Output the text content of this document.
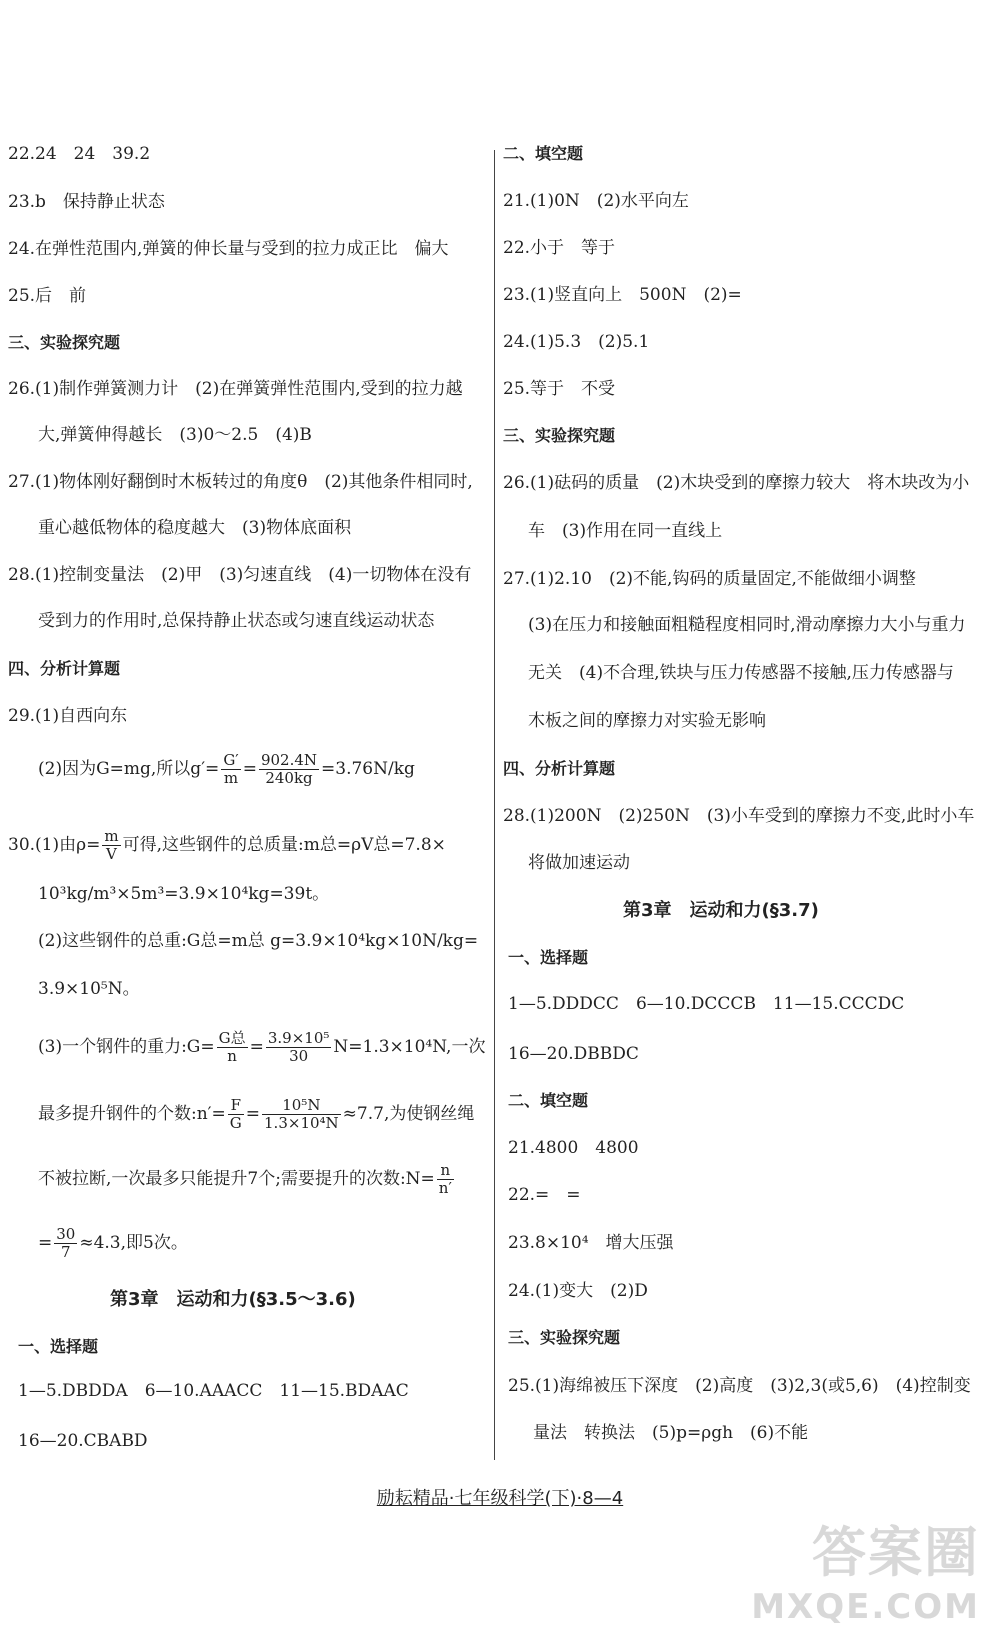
22.24　24　39.2
23.b　保持静止状态
24.在弹性范围内,弹簧的伸长量与受到的拉力成正比　偏大
25.后　前
三、实验探究题
26.(1)制作弹簧测力计　(2)在弹簧弹性范围内,受到的拉力越
大,弹簧伸得越长　(3)0～2.5　(4)B
27.(1)物体刚好翻倒时木板转过的角度θ　(2)其他条件相同时,
重心越低物体的稳度越大　(3)物体底面积
28.(1)控制变量法　(2)甲　(3)匀速直线　(4)一切物体在没有
受到力的作用时,总保持静止状态或匀速直线运动状态
四、分析计算题
29.(1)自西向东
(2)因为G=mg,所以$g'= \frac{G'}{m} = \frac{902.4N}{240kg} =3.76N/kg$
30.(1)由$\rho= \frac{m}{V}$ 可得,这些钢件的总质量:m总=ρV总=7.8×
10³kg/m³×5m³=3.9×10⁴kg=39t。
(2)这些钢件的总重:G总=m总 g=3.9×10⁴kg×10N/kg=
3.9×10⁵N。
(3)一个钢件的重力:G= $\frac{\text{G总}}{n} = \frac{\text{3.9×10⁵}}{30} N=1.3\times 10^4N$,一次
最多提升钢件的个数:n′= $\frac{F}{G} = \frac{\text{10⁵N}}{\text{1.3×10⁴N}} \approx 7.7$,为使钢丝绳
不被拉断,一次最多只能提升7个;需要提升的次数:N= $\frac{n}{n'}$
= $\frac{30}{7} \approx 4.3$,即5次。
第3章　运动和力(§3.5～3.6)
一、选择题
1—5.DBDDA　6—10.AAACC　11—15.BDAAC
16—20.CBABD
二、填空题
21.(1)0N　(2)水平向左
22.小于　等于
23.(1)竖直向上　500N　(2)=
24.(1)5.3　(2)5.1
25.等于　不受
三、实验探究题
26.(1)砝码的质量　(2)木块受到的摩擦力较大　将木块改为小
车　(3)作用在同一直线上
27.(1)2.10　(2)不能,钩码的质量固定,不能做细小调整
(3)在压力和接触面粗糙程度相同时,滑动摩擦力大小与重力
无关　(4)不合理,铁块与压力传感器不接触,压力传感器与
木板之间的摩擦力对实验无影响
四、分析计算题
28.(1)200N　(2)250N　(3)小车受到的摩擦力不变,此时小车
将做加速运动
第3章　运动和力(§3.7)
一、选择题
1—5.DDDCC　6—10.DCCCB　11—15.CCCDC
16—20.DBBDC
二、填空题
21.4800　4800
22.=　=
23.8×10⁴　增大压强
24.(1)变大　(2)D
三、实验探究题
25.(1)海绵被压下深度　(2)高度　(3)2,3(或5,6)　(4)控制变
量法　转换法　(5)p=ρgh　(6)不能
励耘精品·七年级科学(下)·8—4
答案圈
MXQE.COM
